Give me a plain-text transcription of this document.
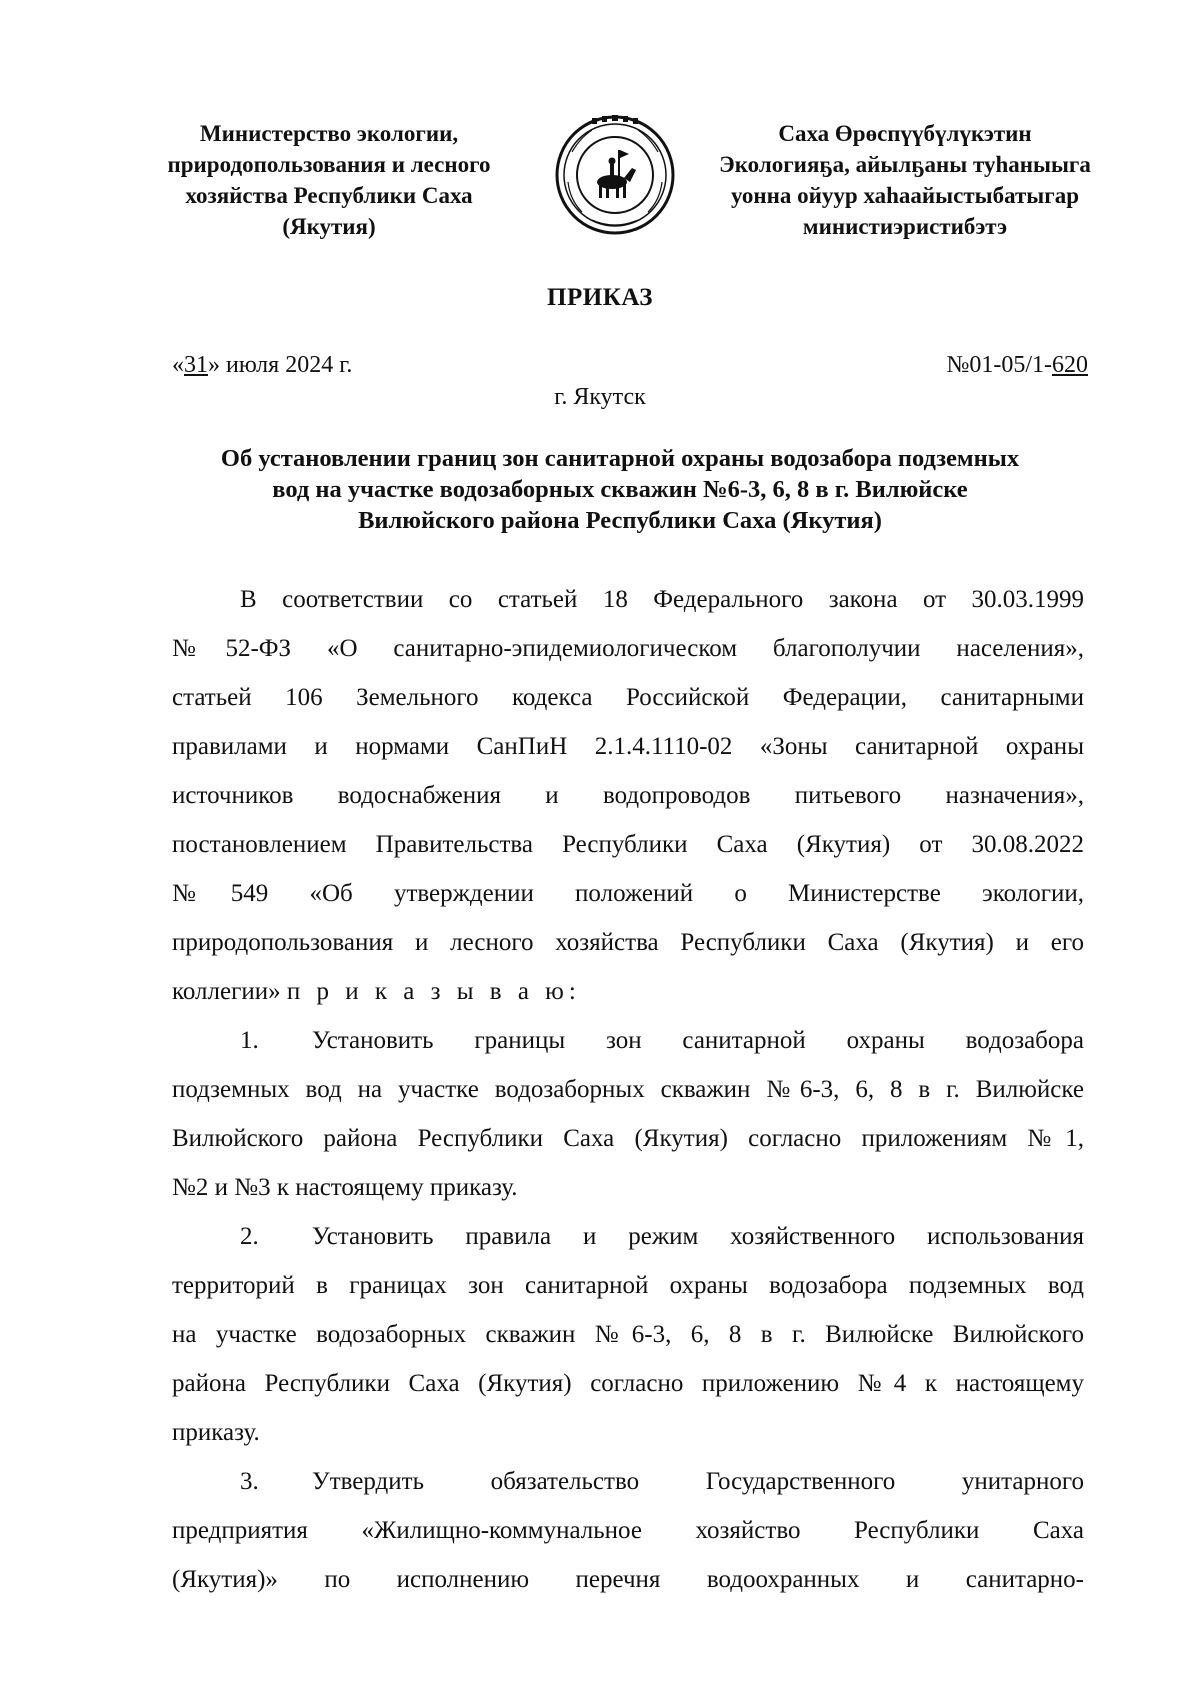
Министерство экологии,
природопользования и лесного
хозяйства Республики Саха
(Якутия)
Саха Өрөспүүбүлүкэтин
Экологияҕа, айылҕаны туһаныыга
уонна ойуур хаһаайыстыбатыгар
министиэристибэтэ
ПРИКАЗ
«31» июля 2024 г.	№01-05/1-620
г. Якутск
Об установлении границ зон санитарной охраны водозабора подземных
вод на участке водозаборных скважин №6-3, 6, 8 в г. Вилюйске
Вилюйского района Республики Саха (Якутия)
В соответствии со статьей 18 Федерального закона от 30.03.1999
№52-ФЗ «О санитарно-эпидемиологическом благополучии населения»,
статьей 106 Земельного кодекса Российской Федерации, санитарными
правилами и нормами СанПиН 2.1.4.1110-02 «Зоны санитарной охраны
источников водоснабжения и водопроводов питьевого назначения»,
постановлением Правительства Республики Саха (Якутия) от 30.08.2022
№549 «Об утверждении положений о Министерстве экологии,
природопользования и лесного хозяйства Республики Саха (Якутия) и его
коллегии» п р и к а з ы в а ю:
1. Установить границы зон санитарной охраны водозабора
подземных вод на участке водозаборных скважин №6-3, 6, 8 в г. Вилюйске
Вилюйского района Республики Саха (Якутия) согласно приложениям №1,
№2 и №3 к настоящему приказу.
2. Установить правила и режим хозяйственного использования
территорий в границах зон санитарной охраны водозабора подземных вод
на участке водозаборных скважин №6-3, 6, 8 в г. Вилюйске Вилюйского
района Республики Саха (Якутия) согласно приложению №4 к настоящему
приказу.
3. Утвердить обязательство Государственного унитарного
предприятия «Жилищно-коммунальное хозяйство Республики Саха
(Якутия)» по исполнению перечня водоохранных и санитарно-
